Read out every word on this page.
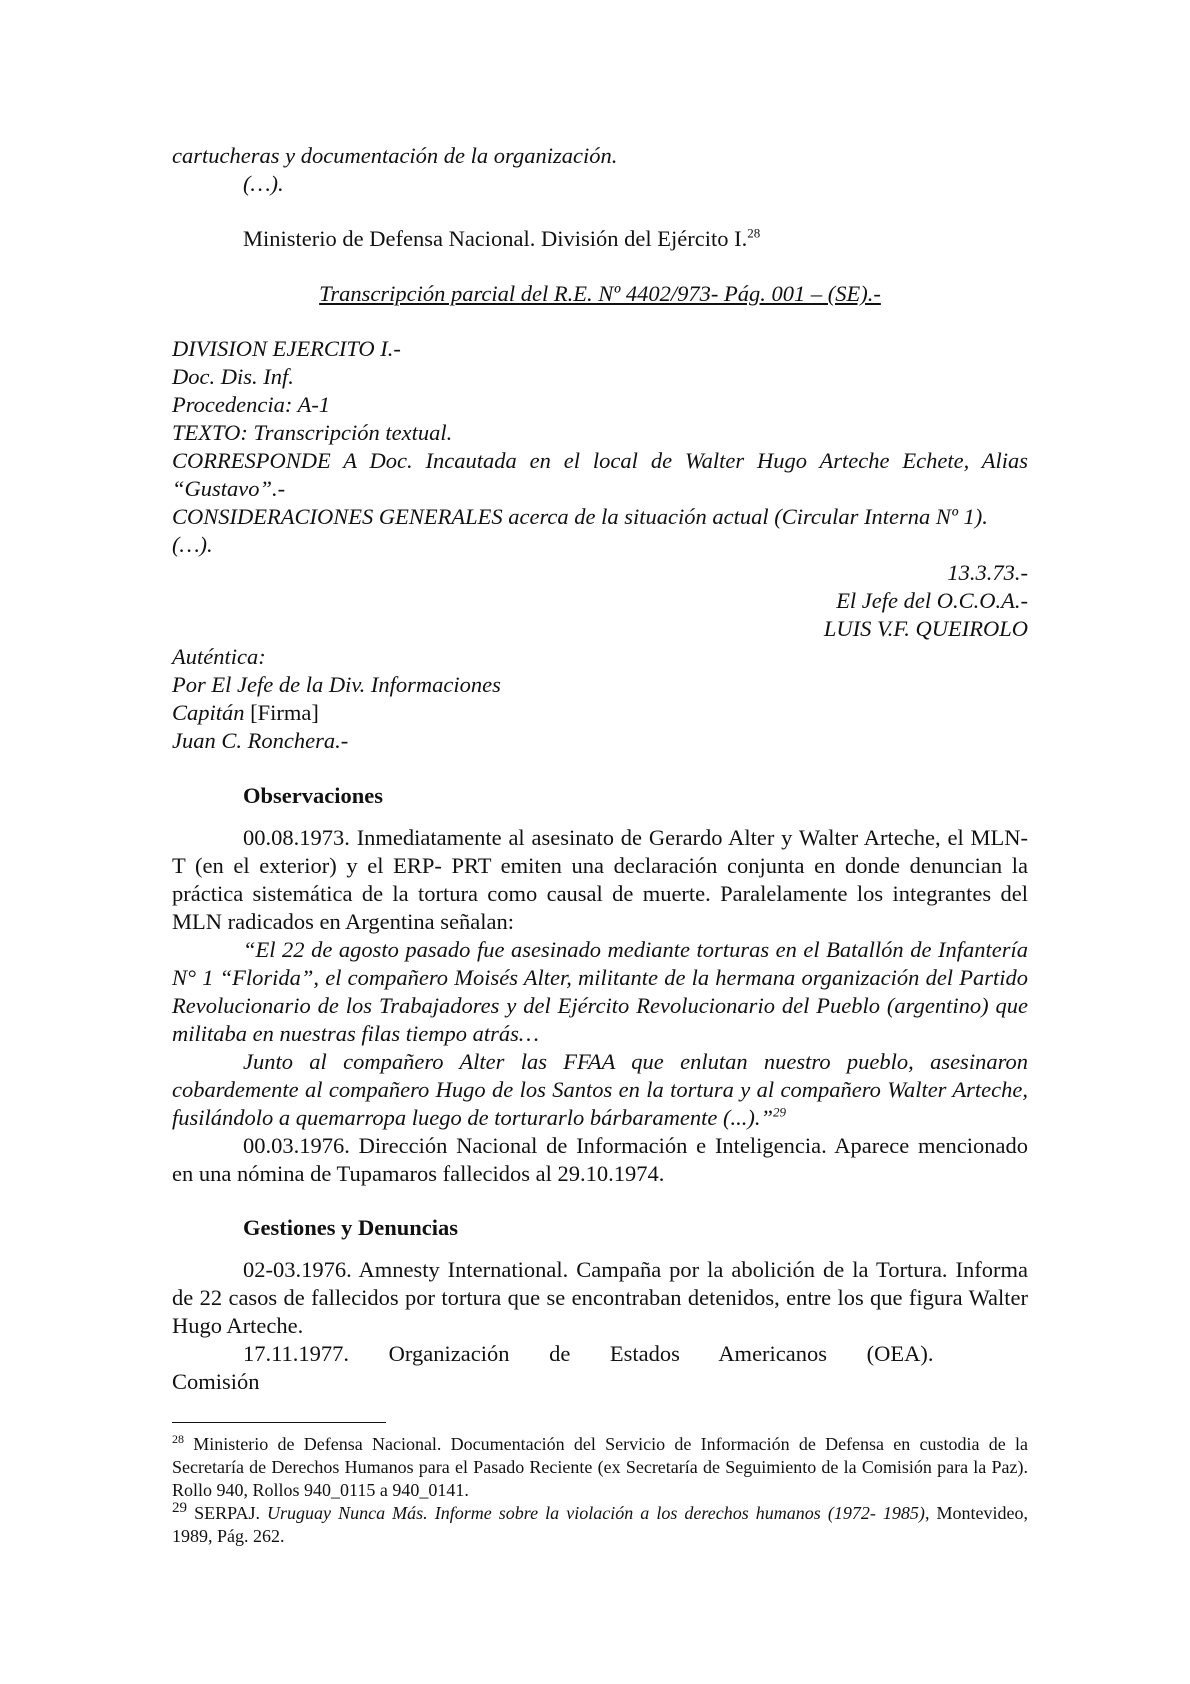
cartucheras y documentación de la organización.

(…).

Ministerio de Defensa Nacional. División del Ejército I.$^{28}$

Transcripción parcial del R.E. Nº 4402/973- Pág. 001 – (SE).-

DIVISION EJERCITO I.-

Doc. Dis. Inf.

Procedencia: A-1

TEXTO: Transcripción textual.

CORRESPONDE A Doc. Incautada en el local de Walter Hugo Arteche Echete, Alias “Gustavo”.-

CONSIDERACIONES GENERALES acerca de la situación actual (Circular Interna Nº 1).

(…).

13.3.73.-

El Jefe del O.C.O.A.-

LUIS V.F. QUEIROLO

Auténtica:

Por El Jefe de la Div. Informaciones

Capitán [Firma]

Juan C. Ronchera.-

Observaciones

00.08.1973. Inmediatamente al asesinato de Gerardo Alter y Walter Arteche, el MLN- T (en el exterior) y el ERP- PRT emiten una declaración conjunta en donde denuncian la práctica sistemática de la tortura como causal de muerte. Paralelamente los integrantes del MLN radicados en Argentina señalan:

“El 22 de agosto pasado fue asesinado mediante torturas en el Batallón de Infantería N° 1 “Florida”, el compañero Moisés Alter, militante de la hermana organización del Partido Revolucionario de los Trabajadores y del Ejército Revolucionario del Pueblo (argentino) que militaba en nuestras filas tiempo atrás…

Junto al compañero Alter las FFAA que enlutan nuestro pueblo, asesinaron cobardemente al compañero Hugo de los Santos en la tortura y al compañero Walter Arteche, fusilándolo a quemarropa luego de torturarlo bárbaramente (...).”$^{29}$

00.03.1976. Dirección Nacional de Información e Inteligencia. Aparece mencionado en una nómina de Tupamaros fallecidos al 29.10.1974.

Gestiones y Denuncias

02-03.1976. Amnesty International. Campaña por la abolición de la Tortura. Informa de 22 casos de fallecidos por tortura que se encontraban detenidos, entre los que figura Walter Hugo Arteche.

17.11.1977. Organización de Estados Americanos (OEA). Comisión

$^{28}$ Ministerio de Defensa Nacional. Documentación del Servicio de Información de Defensa en custodia de la Secretaría de Derechos Humanos para el Pasado Reciente (ex Secretaría de Seguimiento de la Comisión para la Paz). Rollo 940, Rollos 940_0115 a 940_0141.

$^{29}$ SERPAJ. Uruguay Nunca Más. Informe sobre la violación a los derechos humanos (1972- 1985), Montevideo, 1989, Pág. 262.
